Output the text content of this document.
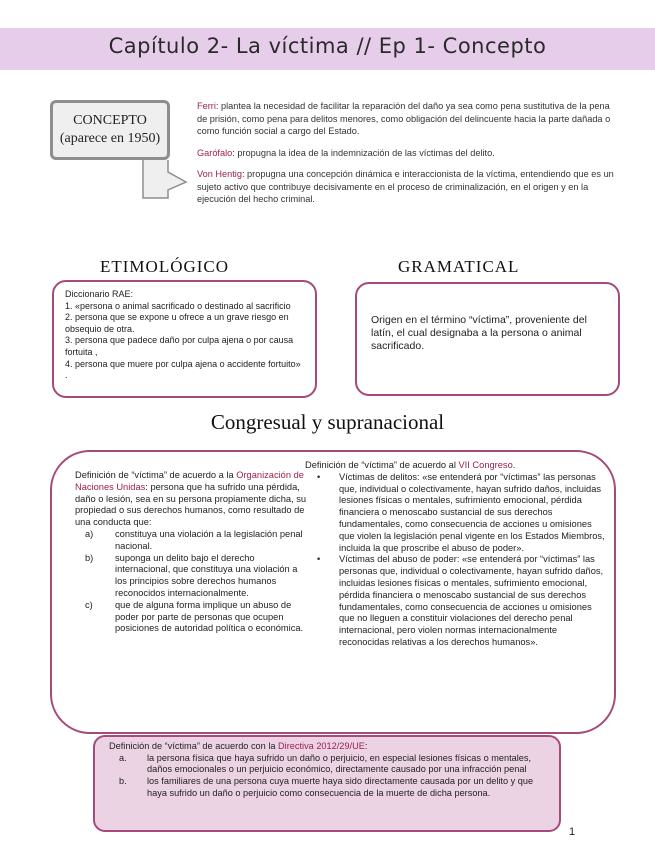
Capítulo 2- La víctima // Ep 1- Concepto
CONCEPTO
(aparece en 1950)

Ferri: plantea la necesidad de facilitar la reparación del daño ya sea como pena sustitutiva de la pena de prisión, como pena para delitos menores, como obligación del delincuente hacia la parte dañada o como función social a cargo del Estado.

Garófalo: propugna la idea de la indemnización de las víctimas del delito.

Von Hentig: propugna una concepción dinámica e interaccionista de la víctima, entendiendo que es un sujeto activo que contribuye decisivamente en el proceso de criminalización, en el origen y en la ejecución del hecho criminal.

ETIMOLÓGICO	GRAMATICAL
Diccionario RAE:
1. «persona o animal sacrificado o destinado al sacrificio
2. persona que se expone u ofrece a un grave riesgo en obsequio de otra.
3. persona que padece daño por culpa ajena o por causa fortuita ,
4. persona que muere por culpa ajena o accidente fortuito» .
Origen en el término “víctima”, proveniente del latín, el cual designaba a la persona o animal sacrificado.
Congresual y supranacional
Definición de “víctima” de acuerdo a la Organización de Naciones Unidas: persona que ha sufrido una pérdida, daño o lesión, sea en su persona propiamente dicha, su propiedad o sus derechos humanos, como resultado de una conducta que:
a)	constituya una violación a la legislación penal nacional.
b)	suponga un delito bajo el derecho internacional, que constituya una violación a los principios sobre derechos humanos reconocidos internacionalmente.
c)	que de alguna forma implique un abuso de poder por parte de personas que ocupen posiciones de autoridad política o económica.
Definición de “víctima” de acuerdo al VII Congreso.
•	Víctimas de delitos: «se entenderá por “víctimas” las personas que, individual o colectivamente, hayan sufrido daños, incluidas lesiones físicas o mentales, sufrimiento emocional, pérdida financiera o menoscabo sustancial de sus derechos fundamentales, como consecuencia de acciones u omisiones que violen la legislación penal vigente en los Estados Miembros, incluida la que proscribe el abuso de poder».
•	Víctimas del abuso de poder: «se entenderá por “víctimas” las personas que, individual o colectivamente, hayan sufrido daños, incluidas lesiones físicas o mentales, sufrimiento emocional, pérdida financiera o menoscabo sustancial de sus derechos fundamentales, como consecuencia de acciones u omisiones que no lleguen a constituir violaciones del derecho penal internacional, pero violen normas internacionalmente reconocidas relativas a los derechos humanos».
Definición de “víctima” de acuerdo con la Directiva 2012/29/UE:
a.	la persona física que haya sufrido un daño o perjuicio, en especial lesiones físicas o mentales, daños emocionales o un perjuicio económico, directamente causado por una infracción penal
b.	los familiares de una persona cuya muerte haya sido directamente causada por un delito y que haya sufrido un daño o perjuicio como consecuencia de la muerte de dicha persona.
1
